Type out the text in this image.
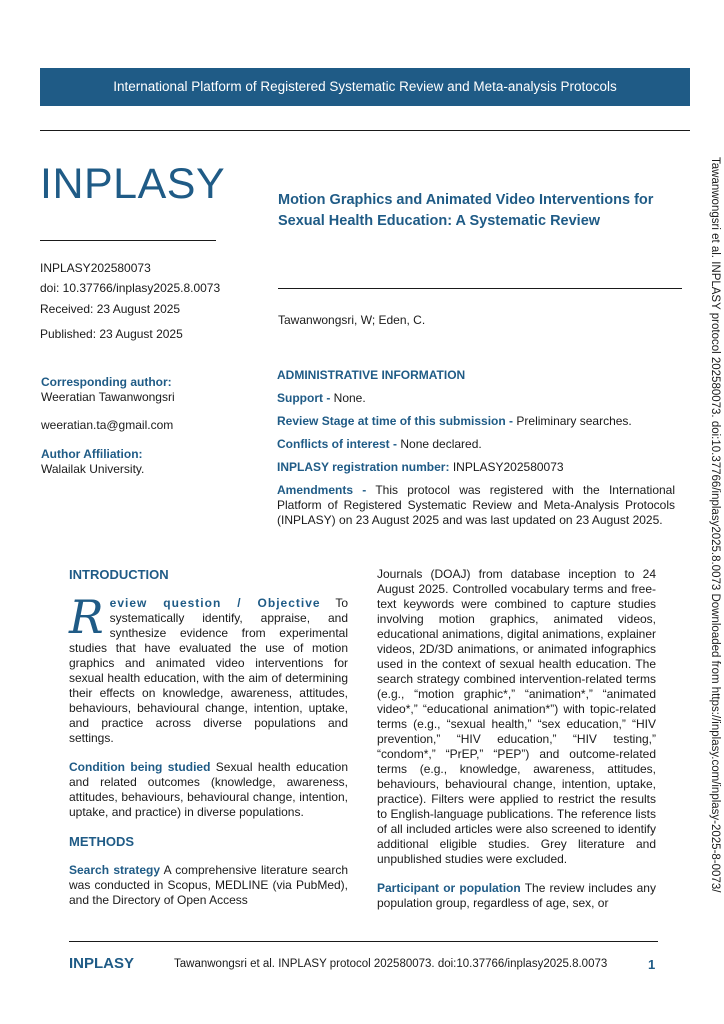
International Platform of Registered Systematic Review and Meta-analysis Protocols
INPLASY
INPLASY202580073
doi: 10.37766/inplasy2025.8.0073
Received: 23 August 2025
Published: 23 August 2025
Motion Graphics and Animated Video Interventions for Sexual Health Education: A Systematic Review
Tawanwongsri, W; Eden, C.
Corresponding author:
Weeratian Tawanwongsri
weeratian.ta@gmail.com
Author Affiliation:
Walailak University.

ADMINISTRATIVE INFORMATION

Support - None.

Review Stage at time of this submission - Preliminary searches.

Conflicts of interest - None declared.

INPLASY registration number: INPLASY202580073

Amendments - This protocol was registered with the International Platform of Registered Systematic Review and Meta-Analysis Protocols (INPLASY) on 23 August 2025 and was last updated on 23 August 2025.

INTRODUCTION

Review question / Objective To systematically identify, appraise, and synthesize evidence from experimental studies that have evaluated the use of motion graphics and animated video interventions for sexual health education, with the aim of determining their effects on knowledge, awareness, attitudes, behaviours, behavioural change, intention, uptake, and practice across diverse populations and settings.

Condition being studied Sexual health education and related outcomes (knowledge, awareness, attitudes, behaviours, behavioural change, intention, uptake, and practice) in diverse populations.

METHODS

Search strategy A comprehensive literature search was conducted in Scopus, MEDLINE (via PubMed), and the Directory of Open Access

Journals (DOAJ) from database inception to 24 August 2025. Controlled vocabulary terms and free-text keywords were combined to capture studies involving motion graphics, animated videos, educational animations, digital animations, explainer videos, 2D/3D animations, or animated infographics used in the context of sexual health education. The search strategy combined intervention-related terms (e.g., “motion graphic*,” “animation*,” “animated video*,” “educational animation*”) with topic-related terms (e.g., “sexual health,” “sex education,” “HIV prevention,” “HIV education,” “HIV testing,” “condom*,” “PrEP,” “PEP”) and outcome-related terms (e.g., knowledge, awareness, attitudes, behaviours, behavioural change, intention, uptake, practice). Filters were applied to restrict the results to English-language publications. The reference lists of all included articles were also screened to identify additional eligible studies. Grey literature and unpublished studies were excluded.

Participant or population The review includes any population group, regardless of age, sex, or

Tawanwongsri et al. INPLASY protocol 202580073. doi:10.37766/inplasy2025.8.0073 Downloaded from https://inplasy.com/inplasy-2025-8-0073/
INPLASY	Tawanwongsri et al. INPLASY protocol 202580073. doi:10.37766/inplasy2025.8.0073	1
